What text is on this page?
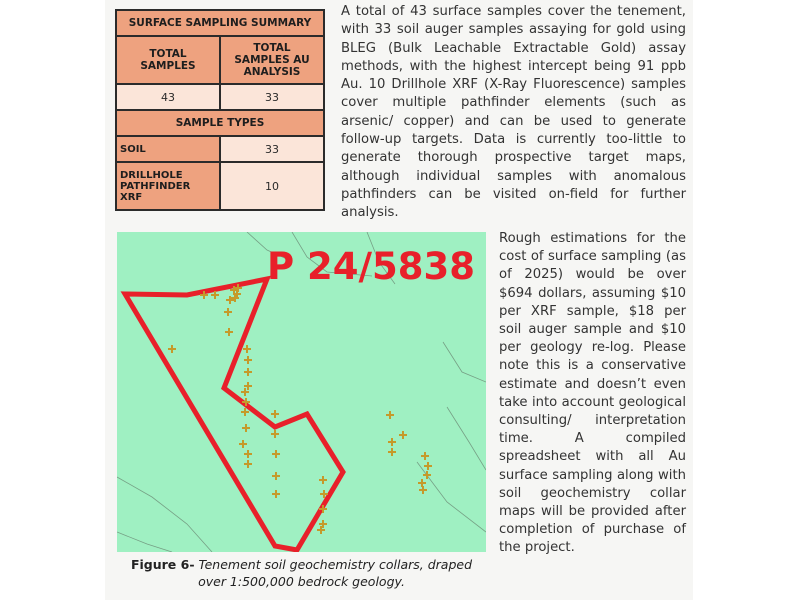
SURFACE SAMPLING SUMMARY	
TOTAL SAMPLES	TOTAL SAMPLES AU ANALYSIS
43	33
SAMPLE TYPES	
SOIL	33
DRILLHOLE PATHFINDER XRF	10
A total of 43 surface samples cover the tenement, with 33 soil auger samples assaying for gold using BLEG (Bulk Leachable Extractable Gold) assay methods, with the highest intercept being 91 ppb Au. 10 Drillhole XRF (X-Ray Fluorescence) samples cover multiple pathfinder elements (such as arsenic/ copper) and can be used to generate follow-up targets. Data is currently too-little to generate thorough prospective target maps, although individual samples with anomalous pathfinders can be visited on-field for further analysis.
P 24/5838
Figure 6- Tenement soil geochemistry collars, draped over 1:500,000 bedrock geology.
Rough estimations for the cost of surface sampling (as of 2025) would be over $694 dollars, assuming $10 per XRF sample, $18 per soil auger sample and $10 per geology re-log. Please note this is a conservative estimate and doesn’t even take into account geological consulting/ interpretation time. A compiled spreadsheet with all Au surface sampling along with soil geochemistry collar maps will be provided after completion of purchase of the project.
